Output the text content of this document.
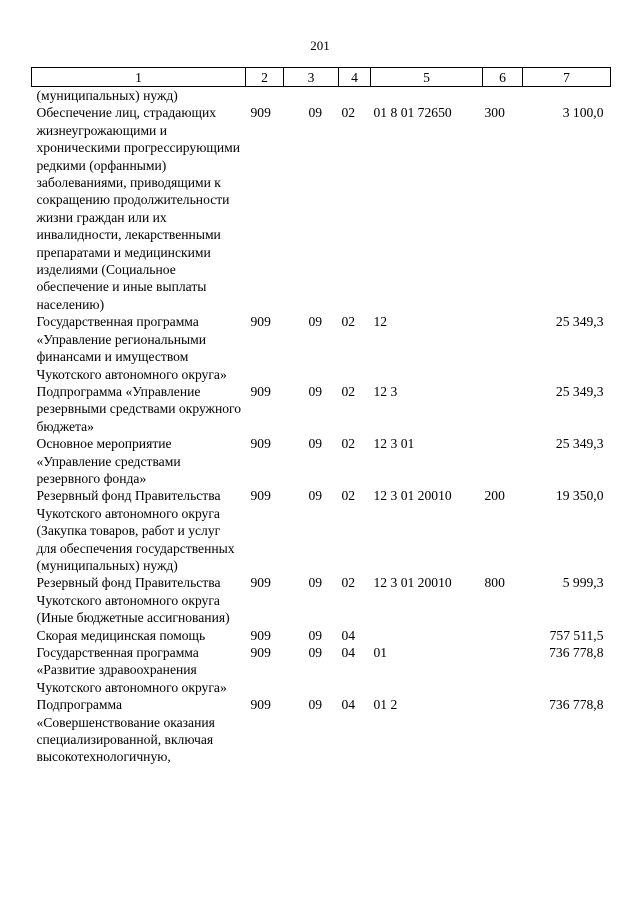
201
1	2	3	4	5	6	7
(муниципальных) нужд)						
Обеспечение лиц, страдающих жизнеугрожающими и хроническими прогрессирующими редкими (орфанными) заболеваниями, приводящими к сокращению продолжительности жизни граждан или их инвалидности, лекарственными препаратами и медицинскими изделиями (Социальное обеспечение и иные выплаты населению)	909	09	02	01 8 01 72650	300	3 100,0
Государственная программа «Управление региональными финансами и имуществом Чукотского автономного округа»	909	09	02	12		25 349,3
Подпрограмма «Управление резервными средствами окружного бюджета»	909	09	02	12 3		25 349,3
Основное мероприятие «Управление средствами резервного фонда»	909	09	02	12 3 01		25 349,3
Резервный фонд Правительства Чукотского автономного округа (Закупка товаров, работ и услуг для обеспечения государственных (муниципальных) нужд)	909	09	02	12 3 01 20010	200	19 350,0
Резервный фонд Правительства Чукотского автономного округа (Иные бюджетные ассигнования)	909	09	02	12 3 01 20010	800	5 999,3
Скорая медицинская помощь	909	09	04			757 511,5
Государственная программа «Развитие здравоохранения Чукотского автономного округа»	909	09	04	01		736 778,8
Подпрограмма «Совершенствование оказания специализированной, включая высокотехнологичную,	909	09	04	01 2		736 778,8
